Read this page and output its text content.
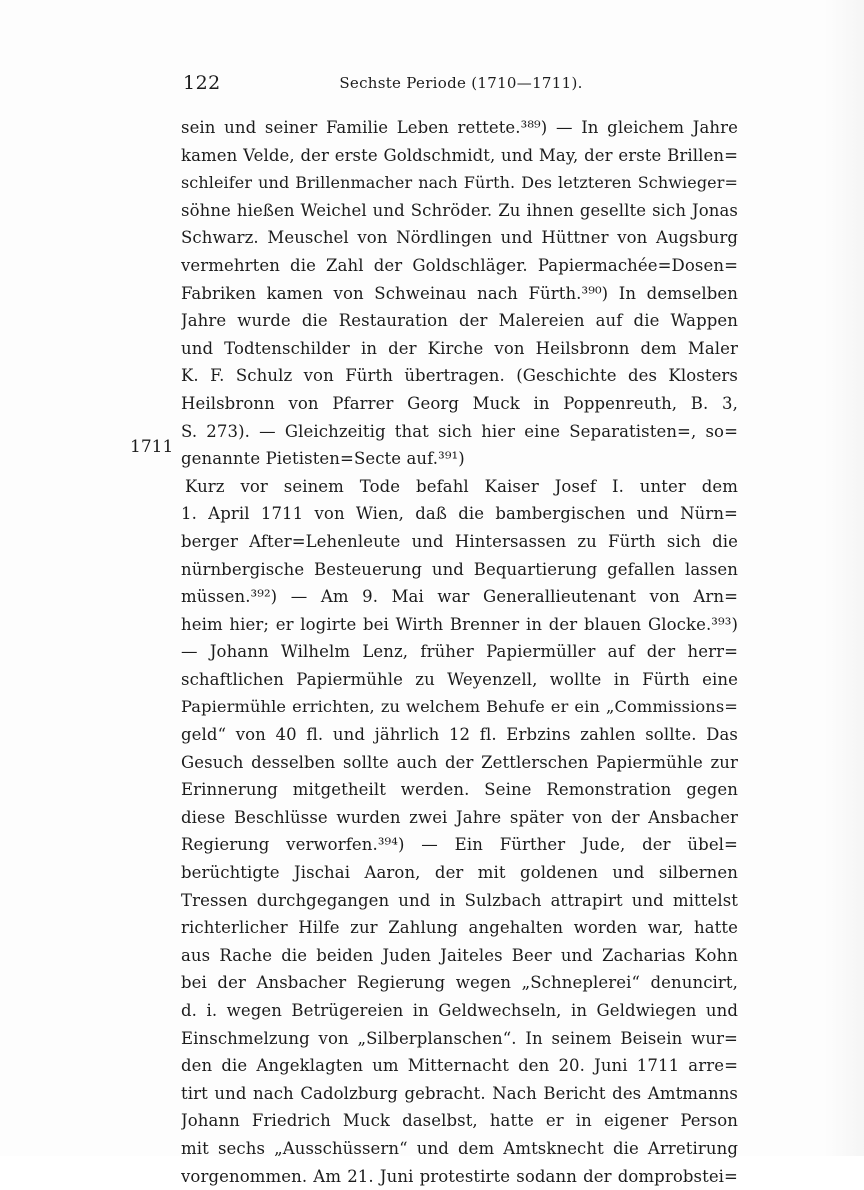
122	Sechste Periode (1710—1711).
1711
sein und seiner Familie Leben rettete.³⁸⁹) — In gleichem Jahre
kamen Velde, der erste Goldschmidt, und May, der erste Brillen=
schleifer und Brillenmacher nach Fürth. Des letzteren Schwieger=
söhne hießen Weichel und Schröder. Zu ihnen gesellte sich Jonas
Schwarz. Meuschel von Nördlingen und Hüttner von Augsburg
vermehrten die Zahl der Goldschläger. Papiermachée=Dosen=
Fabriken kamen von Schweinau nach Fürth.³⁹⁰) In demselben
Jahre wurde die Restauration der Malereien auf die Wappen
und Todtenschilder in der Kirche von Heilsbronn dem Maler
K. F. Schulz von Fürth übertragen. (Geschichte des Klosters
Heilsbronn von Pfarrer Georg Muck in Poppenreuth, B. 3,
S. 273). — Gleichzeitig that sich hier eine Separatisten=, so=
genannte Pietisten=Secte auf.³⁹¹)
Kurz vor seinem Tode befahl Kaiser Josef I. unter dem
1. April 1711 von Wien, daß die bambergischen und Nürn=
berger After=Lehenleute und Hintersassen zu Fürth sich die
nürnbergische Besteuerung und Bequartierung gefallen lassen
müssen.³⁹²) — Am 9. Mai war Generallieutenant von Arn=
heim hier; er logirte bei Wirth Brenner in der blauen Glocke.³⁹³)
— Johann Wilhelm Lenz, früher Papiermüller auf der herr=
schaftlichen Papiermühle zu Weyenzell, wollte in Fürth eine
Papiermühle errichten, zu welchem Behufe er ein „Commissions=
geld“ von 40 fl. und jährlich 12 fl. Erbzins zahlen sollte. Das
Gesuch desselben sollte auch der Zettlerschen Papiermühle zur
Erinnerung mitgetheilt werden. Seine Remonstration gegen
diese Beschlüsse wurden zwei Jahre später von der Ansbacher
Regierung verworfen.³⁹⁴) — Ein Fürther Jude, der übel=
berüchtigte Jischai Aaron, der mit goldenen und silbernen
Tressen durchgegangen und in Sulzbach attrapirt und mittelst
richterlicher Hilfe zur Zahlung angehalten worden war, hatte
aus Rache die beiden Juden Jaiteles Beer und Zacharias Kohn
bei der Ansbacher Regierung wegen „Schneplerei“ denuncirt,
d. i. wegen Betrügereien in Geldwechseln, in Geldwiegen und
Einschmelzung von „Silberplanschen“. In seinem Beisein wur=
den die Angeklagten um Mitternacht den 20. Juni 1711 arre=
tirt und nach Cadolzburg gebracht. Nach Bericht des Amtmanns
Johann Friedrich Muck daselbst, hatte er in eigener Person
mit sechs „Ausschüssern“ und dem Amtsknecht die Arretirung
vorgenommen. Am 21. Juni protestirte sodann der domprobstei=
